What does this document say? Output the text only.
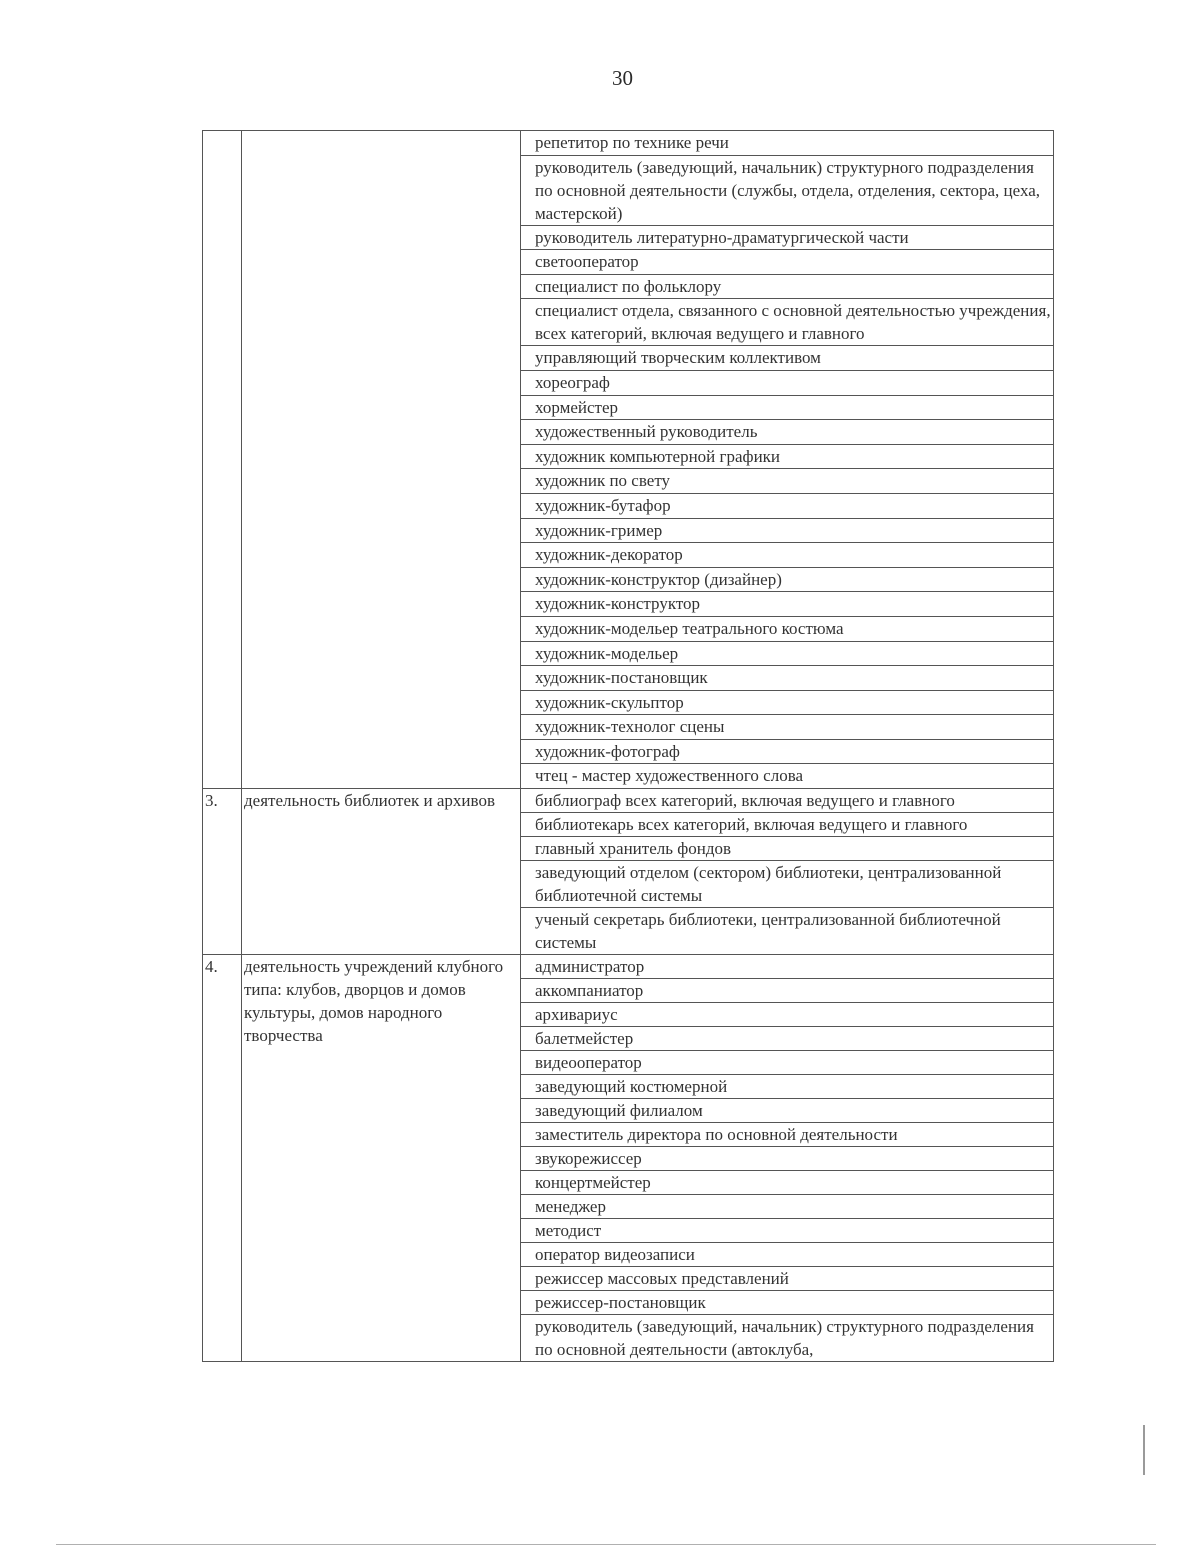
30
		репетитор по технике речи
		руководитель (заведующий, начальник) структурного подразделения по основной деятельности (службы, отдела, отделения, сектора, цеха, мастерской)
		руководитель литературно-драматургической части
		светооператор
		специалист по фольклору
		специалист отдела, связанного с основной деятельностью учреждения, всех категорий, включая ведущего и главного
		управляющий творческим коллективом
		хореограф
		хормейстер
		художественный руководитель
		художник компьютерной графики
		художник по свету
		художник-бутафор
		художник-гример
		художник-декоратор
		художник-конструктор (дизайнер)
		художник-конструктор
		художник-модельер театрального костюма
		художник-модельер
		художник-постановщик
		художник-скульптор
		художник-технолог сцены
		художник-фотограф
		чтец - мастер художественного слова
3.	деятельность библиотек и архивов	библиограф всех категорий, включая ведущего и главного
		библиотекарь всех категорий, включая ведущего и главного
		главный хранитель фондов
		заведующий отделом (сектором) библиотеки, централизованной библиотечной системы
		ученый секретарь библиотеки, централизованной библиотечной системы
4.	деятельность учреждений клубного типа: клубов, дворцов и домов культуры, домов народного творчества	администратор
		аккомпаниатор
		архивариус
		балетмейстер
		видеооператор
		заведующий костюмерной
		заведующий филиалом
		заместитель директора по основной деятельности
		звукорежиссер
		концертмейстер
		менеджер
		методист
		оператор видеозаписи
		режиссер массовых представлений
		режиссер-постановщик
		руководитель (заведующий, начальник) структурного подразделения по основной деятельности (автоклуба,
